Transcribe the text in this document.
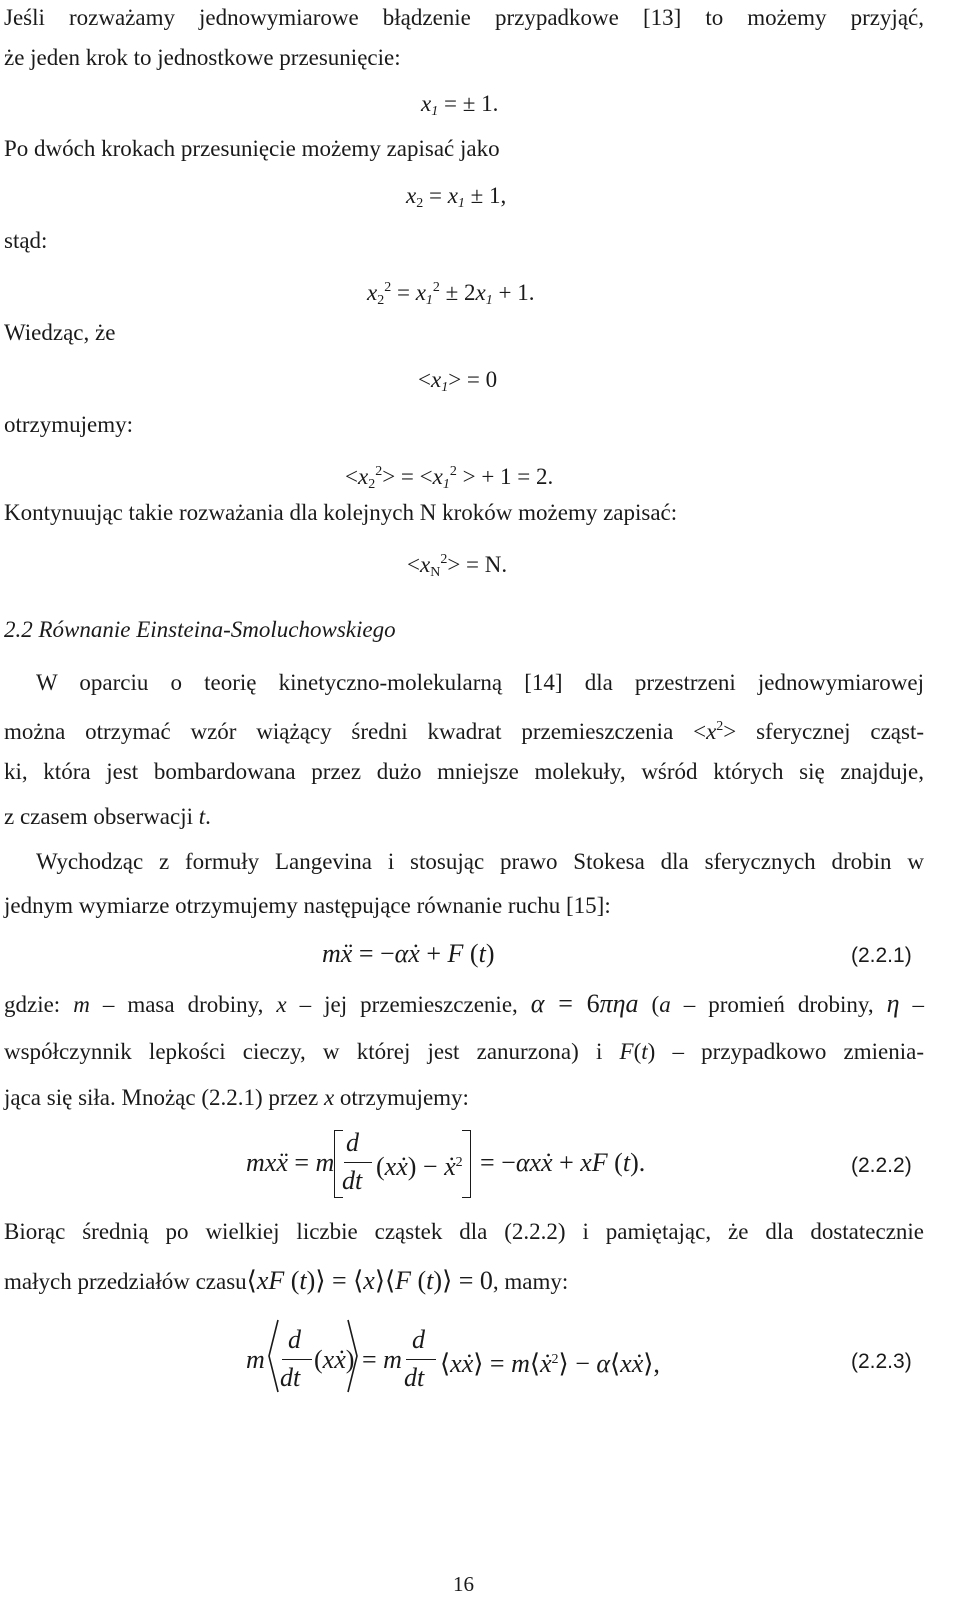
Jeśli rozważamy jednowymiarowe błądzenie przypadkowe [13] to możemy przyjąć,
że jeden krok to jednostkowe przesunięcie:
$x_1$ = ± 1.
Po dwóch krokach przesunięcie możemy zapisać jako
$x_2 = x_1 \pm 1$,
stąd:
$x_2^2 = x_1^2 \pm 2x_1 + 1$.
Wiedząc, że
$<x_1> = 0$
otrzymujemy:
$<x_2^2> = <x_1^2$ > + 1 = 2.
Kontynuując takie rozważania dla kolejnych N kroków możemy zapisać:
$<x_N^2> = N$.
2.2 Równanie Einsteina-Smoluchowskiego
W oparciu o teorię kinetyczno-molekularną [14] dla przestrzeni jednowymiarowej
można otrzymać wzór wiążący średni kwadrat przemieszczenia $<x^2>$ sferycznej cząst-
ki, która jest bombardowana przez dużo mniejsze molekuły, wśród których się znajduje,
z czasem obserwacji t.
Wychodząc z formuły Langevina i stosując prawo Stokesa dla sferycznych drobin w
jednym wymiarze otrzymujemy następujące równanie ruchu [15]:
mẍ = −αẋ + F (t)	(2.2.1)
gdzie: m – masa drobiny, x – jej przemieszczenie, α = 6πηa (a – promień drobiny, η –
współczynnik lepkości cieczy, w której jest zanurzona) i F(t) – przypadkowo zmienia-
jąca się siła. Mnożąc (2.2.1) przez x otrzymujemy:
mxẍ = m
d
dt (xẋ) − ẋ$^2$ = −αxẋ + xF (t).	(2.2.2)
Biorąc średnią po wielkiej liczbie cząstek dla (2.2.2) i pamiętając, że dla dostatecznie
małych przedziałów czasu⟨xF (t)⟩ = ⟨x⟩⟨F (t)⟩ = 0, mamy:
m
d
dt
(xẋ) = m
d
dt ⟨xẋ⟩ = m⟨ẋ$^2$⟩ − α⟨xẋ⟩,	(2.2.3)
16
